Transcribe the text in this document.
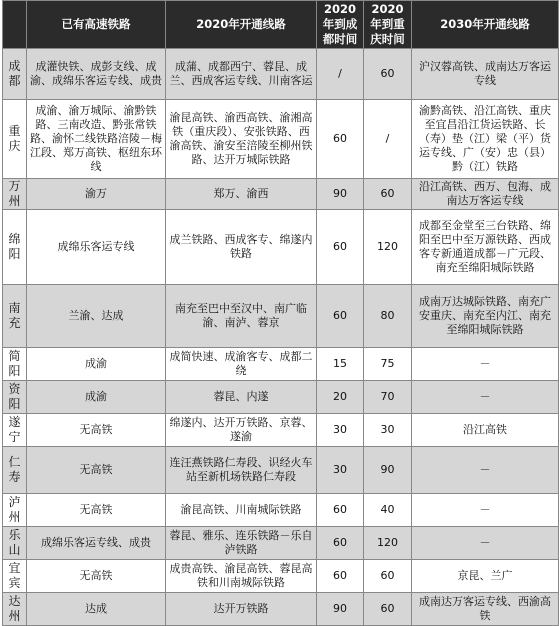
	已有高速铁路	2020年开通线路	2020年到成都时间	2020年到重庆时间	2030年开通线路
成都	成灌快铁、成彭支线、成渝、成绵乐客运专线、成贵	成蒲、成都西宁、蓉昆、成兰、西成客运专线、川南客运	/	60	沪汉蓉高铁、成南达万客运专线
重庆	成渝、渝万城际、渝黔铁路、三南改造、黔张常铁路、渝怀二线铁路涪陵－梅江段、郑万高铁、枢纽东环线	渝昆高铁、渝西高铁、渝湘高铁（重庆段）、安张铁路、西渝高铁、渝安至涪陵至柳州铁路、达开万城际铁路	60	/	渝黔高铁、沿江高铁、重庆至宜昌沿江货运铁路、长（寿）垫（江）梁（平）货运专线、广（安）忠（县）黔（江）铁路
万州	渝万	郑万、渝西	90	60	沿江高铁、西万、包海、成南达万客运专线
绵阳	成绵乐客运专线	成兰铁路、西成客专、绵遂内铁路	60	120	成都至金堂至三台铁路、绵阳至巴中至万源铁路、西成客专新通道成都－广元段、南充至绵阳城际铁路
南充	兰渝、达成	南充至巴中至汉中、南广临渝、南泸、蓉京	60	80	成南万达城际铁路、南充广安重庆、南充至内江、南充至绵阳城际铁路
简阳	成渝	成简快速、成渝客专、成都二绕	15	75	－
资阳	成渝	蓉昆、内遂	20	70	－
遂宁	无高铁	绵遂内、达开万铁路、京蓉、遂渝	30	30	沿江高铁
仁寿	无高铁	连汪燕铁路仁寿段、识经火车站至新机场铁路仁寿段	30	90	－
泸州	无高铁	渝昆高铁、川南城际铁路	60	40	－
乐山	成绵乐客运专线、成贵	蓉昆、雅乐、连乐铁路－乐自泸铁路	60	120	－
宜宾	无高铁	成贵高铁、渝昆高铁、蓉昆高铁和川南城际铁路	60	60	京昆、兰广
达州	达成	达开万铁路	90	60	成南达万客运专线、西渝高铁
